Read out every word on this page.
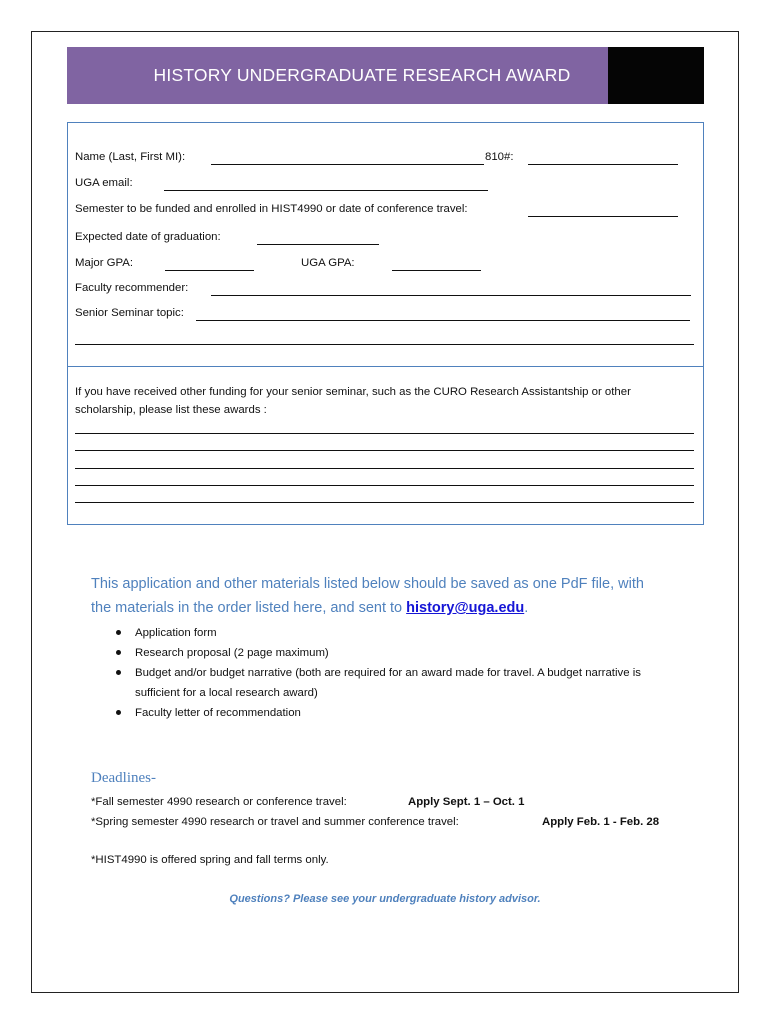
HISTORY UNDERGRADUATE RESEARCH AWARD
Name (Last, First MI):	810#:
UGA email:
Semester to be funded and enrolled in HIST4990 or date of conference travel:
Expected date of graduation:
Major GPA:	UGA GPA:
Faculty recommender:
Senior Seminar topic:
If you have received other funding for your senior seminar, such as the CURO Research Assistantship or other
scholarship, please list these awards :
This application and other materials listed below should be saved as one PdF file, with
the materials in the order listed here, and sent to history@uga.edu.
Application form
Research proposal (2 page maximum)
Budget and/or budget narrative (both are required for an award made for travel. A budget narrative is sufficient for a local research award)
Faculty letter of recommendation
Deadlines-
*Fall semester 4990 research or conference travel:	Apply Sept. 1 – Oct. 1
*Spring semester 4990 research or travel and summer conference travel:	Apply Feb. 1 - Feb. 28
*HIST4990 is offered spring and fall terms only.
Questions? Please see your undergraduate history advisor.
